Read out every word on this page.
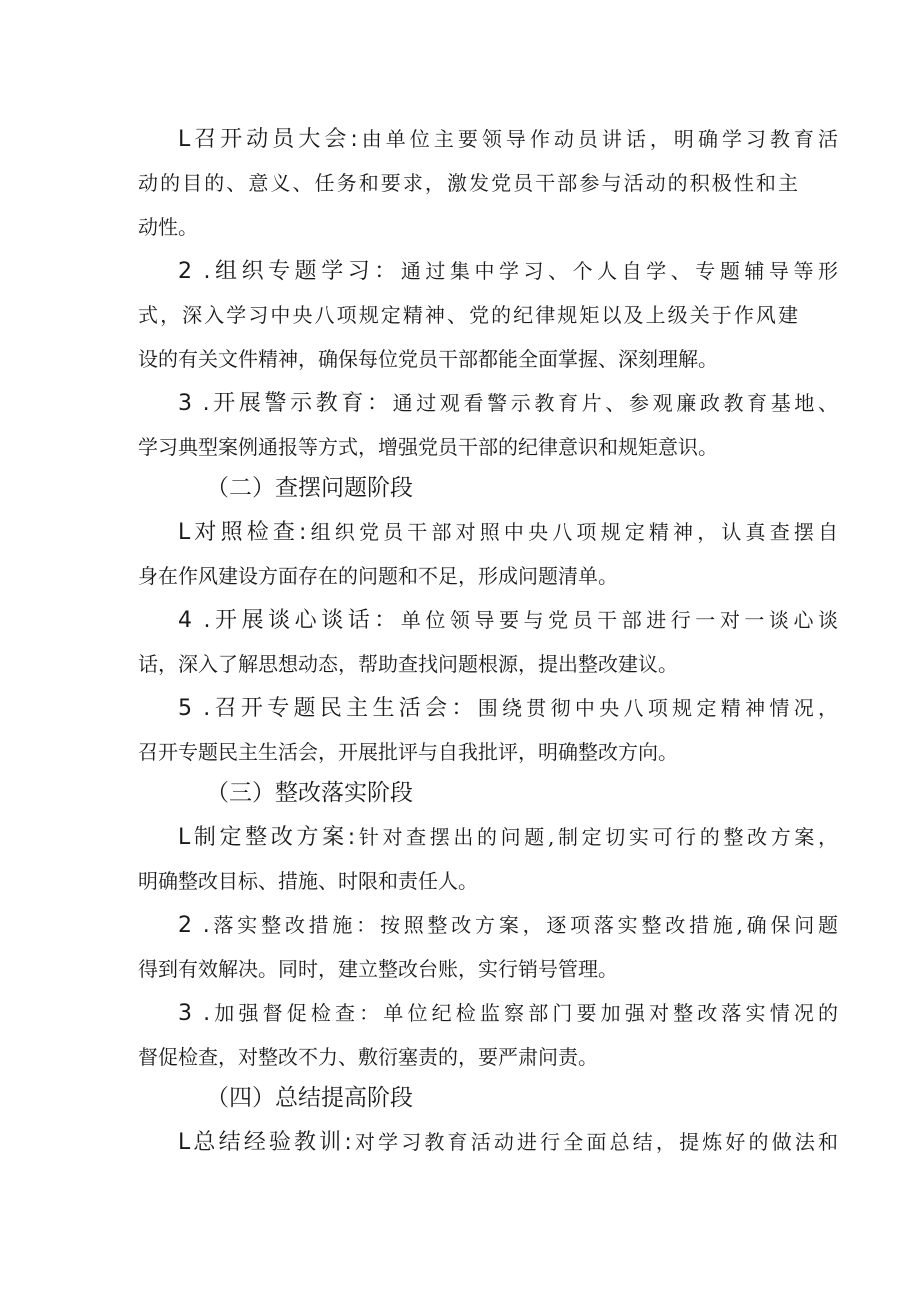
L召开动员大会:由单位主要领导作动员讲话，明确学习教育活
动的目的、意义、任务和要求，激发党员干部参与活动的积极性和主
动性。
2 .组织专题学习：通过集中学习、个人自学、专题辅导等形
式，深入学习中央八项规定精神、党的纪律规矩以及上级关于作风建
设的有关文件精神，确保每位党员干部都能全面掌握、深刻理解。
3 .开展警示教育：通过观看警示教育片、参观廉政教育基地、
学习典型案例通报等方式，增强党员干部的纪律意识和规矩意识。
（二）查摆问题阶段
L对照检查:组织党员干部对照中央八项规定精神，认真查摆自
身在作风建设方面存在的问题和不足，形成问题清单。
4 .开展谈心谈话：单位领导要与党员干部进行一对一谈心谈
话，深入了解思想动态，帮助查找问题根源，提出整改建议。
5 .召开专题民主生活会：围绕贯彻中央八项规定精神情况，
召开专题民主生活会，开展批评与自我批评，明确整改方向。
（三）整改落实阶段
L制定整改方案:针对查摆出的问题,制定切实可行的整改方案，
明确整改目标、措施、时限和责任人。
2 .落实整改措施：按照整改方案，逐项落实整改措施,确保问题
得到有效解决。同时，建立整改台账，实行销号管理。
3 .加强督促检查：单位纪检监察部门要加强对整改落实情况的
督促检查，对整改不力、敷衍塞责的，要严肃问责。
（四）总结提高阶段
L总结经验教训:对学习教育活动进行全面总结，提炼好的做法和
